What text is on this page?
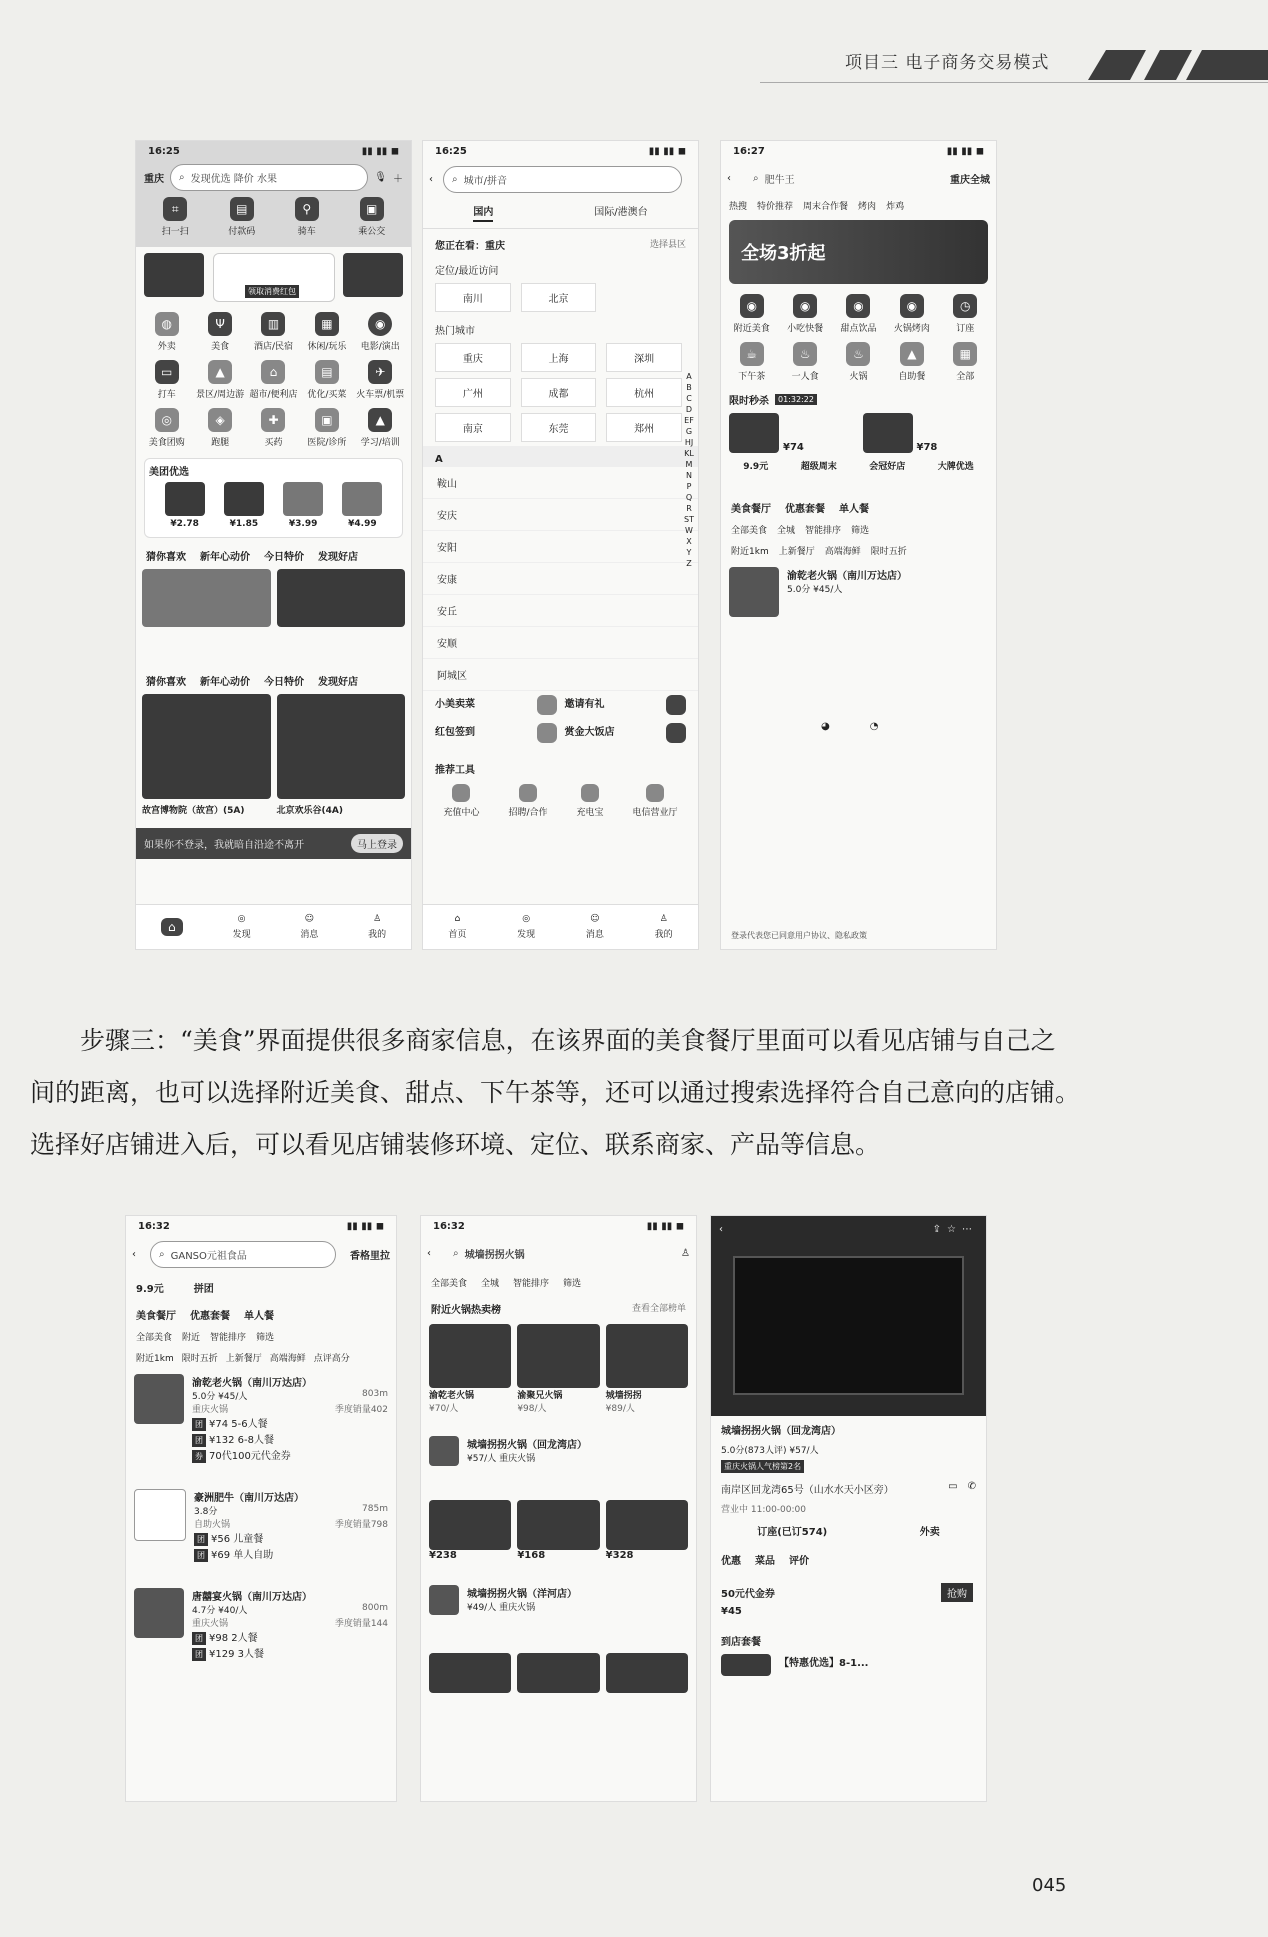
项目三 电子商务交易模式
16:25	▮▮ ▮▮ ◼
重庆 ⌕ 发现优选 降价 水果	🎙 ＋
⌗
扫一扫
▤
付款码
⚲
骑车
▣
乘公交
领取消费红包
◍
外卖
Ψ
美食
▥
酒店/民宿
▦
休闲/玩乐
◉
电影/演出
▭
打车
▲
景区/周边游
⌂
超市/便利店
▤
优化/买菜
✈
火车票/机票
◎
美食团购
◈
跑腿
✚
买药
▣
医院/诊所
▲
学习/培训
美团优选
¥2.78	¥1.85	¥3.99	¥4.99
猜你喜欢 新年心动价 今日特价 发现好店
猜你喜欢 新年心动价 今日特价 发现好店
故宫博物院（故宫）(5A)	北京欢乐谷(4A)
如果你不登录，我就暗自沿途不离开	马上登录
⌂
◎
发现
☺
消息
♙
我的
16:25	▮▮ ▮▮ ◼
‹ ⌕ 城市/拼音
国内	国际/港澳台
您正在看：重庆	选择县区
定位/最近访问
南川	北京
热门城市
重庆	上海	深圳
广州	成都	杭州
南京	东莞	郑州
ABCDEFGHJKLMNPQRSTWXYZ
A
鞍山
安庆
安阳
安康
安丘
安顺
阿城区
小美卖菜	邀请有礼
红包签到	赏金大饭店
推荐工具
充值中心	招聘/合作	充电宝	电信营业厅
⌂
首页
◎
发现
☺
消息
♙
我的
16:27	▮▮ ▮▮ ◼
‹ ⌕ 肥牛王	重庆全城
热搜 特价推荐 周末合作餐 烤肉 炸鸡
全场3折起
◉
附近美食
◉
小吃快餐
◉
甜点饮品
◉
火锅烤肉
◷
订座
☕
下午茶
♨
一人食
♨
火锅
▲
自助餐
▦
全部
限时秒杀	01:32:22
¥74	¥78
9.9元	超级周末	会冠好店	大牌优选
美食餐厅 优惠套餐 单人餐
全部美食 全城 智能排序 筛选
附近1km 上新餐厅 高端海鲜 限时五折
渝乾老火锅（南川万达店）
5.0分 ¥45/人
◕	◔
登录代表您已同意用户协议、隐私政策
步骤三：“美食”界面提供很多商家信息，在该界面的美食餐厅里面可以看见店铺与自己之间的距离，也可以选择附近美食、甜点、下午茶等，还可以通过搜索选择符合自己意向的店铺。选择好店铺进入后，可以看见店铺装修环境、定位、联系商家、产品等信息。
16:32	▮▮ ▮▮ ◼
‹ ⌕ GANSO元祖食品	香格里拉
9.9元	拼团
美食餐厅 优惠套餐 单人餐
全部美食 附近 智能排序 筛选
附近1km 限时五折 上新餐厅 高端海鲜 点评高分
渝乾老火锅（南川万达店）
5.0分 ¥45/人	803m
重庆火锅	季度销量402
团 ¥74 5-6人餐
团 ¥132 6-8人餐
券 70代100元代金券
豪洲肥牛（南川万达店）
3.8分	785m
自助火锅	季度销量798
团 ¥56 儿童餐
团 ¥69 单人自助
唐囍宴火锅（南川万达店）
4.7分 ¥40/人	800m
重庆火锅	季度销量144
团 ¥98 2人餐
团 ¥129 3人餐
16:32	▮▮ ▮▮ ◼
‹ ⌕ 城墙拐拐火锅	♙
全部美食 全城 智能排序 筛选
附近火锅热卖榜	查看全部榜单
渝乾老火锅
¥70/人
渝聚兄火锅
¥98/人
城墙拐拐
¥89/人
城墙拐拐火锅（回龙湾店）
¥57/人 重庆火锅
¥238	¥168	¥328
城墙拐拐火锅（洋河店）
¥49/人 重庆火锅
‹	⇪☆⋯
城墙拐拐火锅（回龙湾店）
5.0分(873人评) ¥57/人
重庆火锅人气榜第2名
南岸区回龙湾65号（山水水天小区旁）	▭ ✆
营业中 11:00-00:00
订座(已订574)	外卖
优惠 菜品 评价
50元代金券	抢购
¥45
到店套餐
【特惠优选】8-1...
045
